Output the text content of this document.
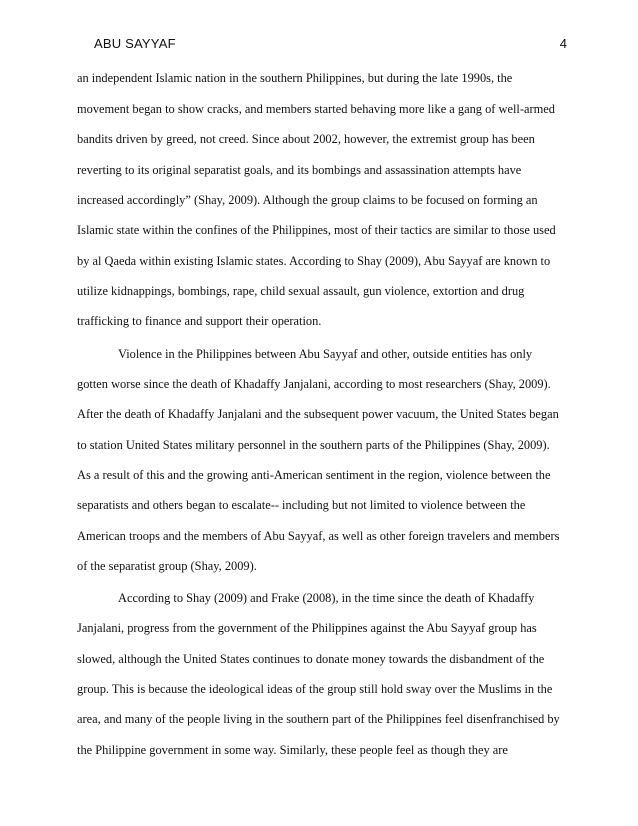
ABU SAYYAF	4
an independent Islamic nation in the southern Philippines, but during the late 1990s, the
movement began to show cracks, and members started behaving more like a gang of well-armed
bandits driven by greed, not creed. Since about 2002, however, the extremist group has been
reverting to its original separatist goals, and its bombings and assassination attempts have
increased accordingly” (Shay, 2009). Although the group claims to be focused on forming an
Islamic state within the confines of the Philippines, most of their tactics are similar to those used
by al Qaeda within existing Islamic states. According to Shay (2009), Abu Sayyaf are known to
utilize kidnappings, bombings, rape, child sexual assault, gun violence, extortion and drug
trafficking to finance and support their operation.
Violence in the Philippines between Abu Sayyaf and other, outside entities has only
gotten worse since the death of Khadaffy Janjalani, according to most researchers (Shay, 2009).
After the death of Khadaffy Janjalani and the subsequent power vacuum, the United States began
to station United States military personnel in the southern parts of the Philippines (Shay, 2009).
As a result of this and the growing anti-American sentiment in the region, violence between the
separatists and others began to escalate-- including but not limited to violence between the
American troops and the members of Abu Sayyaf, as well as other foreign travelers and members
of the separatist group (Shay, 2009).
According to Shay (2009) and Frake (2008), in the time since the death of Khadaffy
Janjalani, progress from the government of the Philippines against the Abu Sayyaf group has
slowed, although the United States continues to donate money towards the disbandment of the
group. This is because the ideological ideas of the group still hold sway over the Muslims in the
area, and many of the people living in the southern part of the Philippines feel disenfranchised by
the Philippine government in some way. Similarly, these people feel as though they are
